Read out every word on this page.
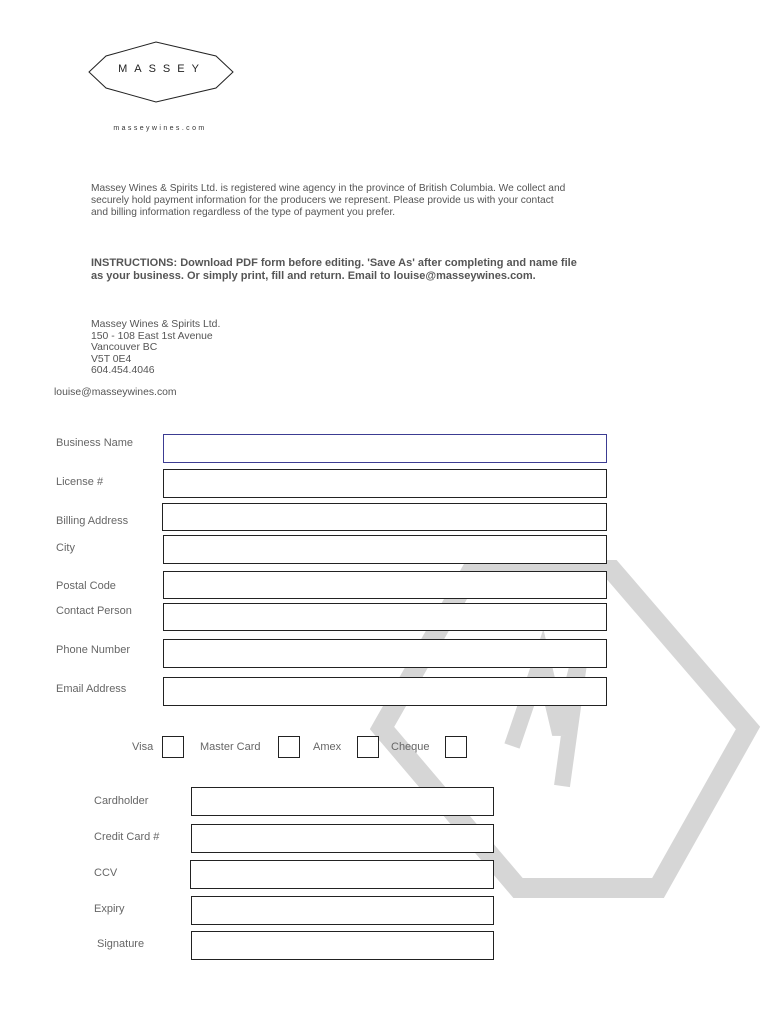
MASSEY
masseywines.com
Massey Wines & Spirits Ltd. is registered wine agency in the province of British Columbia. We collect and securely hold payment information for the producers we represent. Please provide us with your contact and billing information regardless of the type of payment you prefer.
INSTRUCTIONS: Download PDF form before editing. 'Save As' after completing and name file as your business. Or simply print, fill and return. Email to louise@masseywines.com.
Massey Wines & Spirits Ltd.
150 - 108 East 1st Avenue
Vancouver BC
V5T 0E4
604.454.4046
louise@masseywines.com
Business Name
License #
Billing Address
City
Postal Code
Contact Person
Phone Number
Email Address
Visa	Master Card	Amex	Cheque
Cardholder
Credit Card #
CCV
Expiry
Signature
